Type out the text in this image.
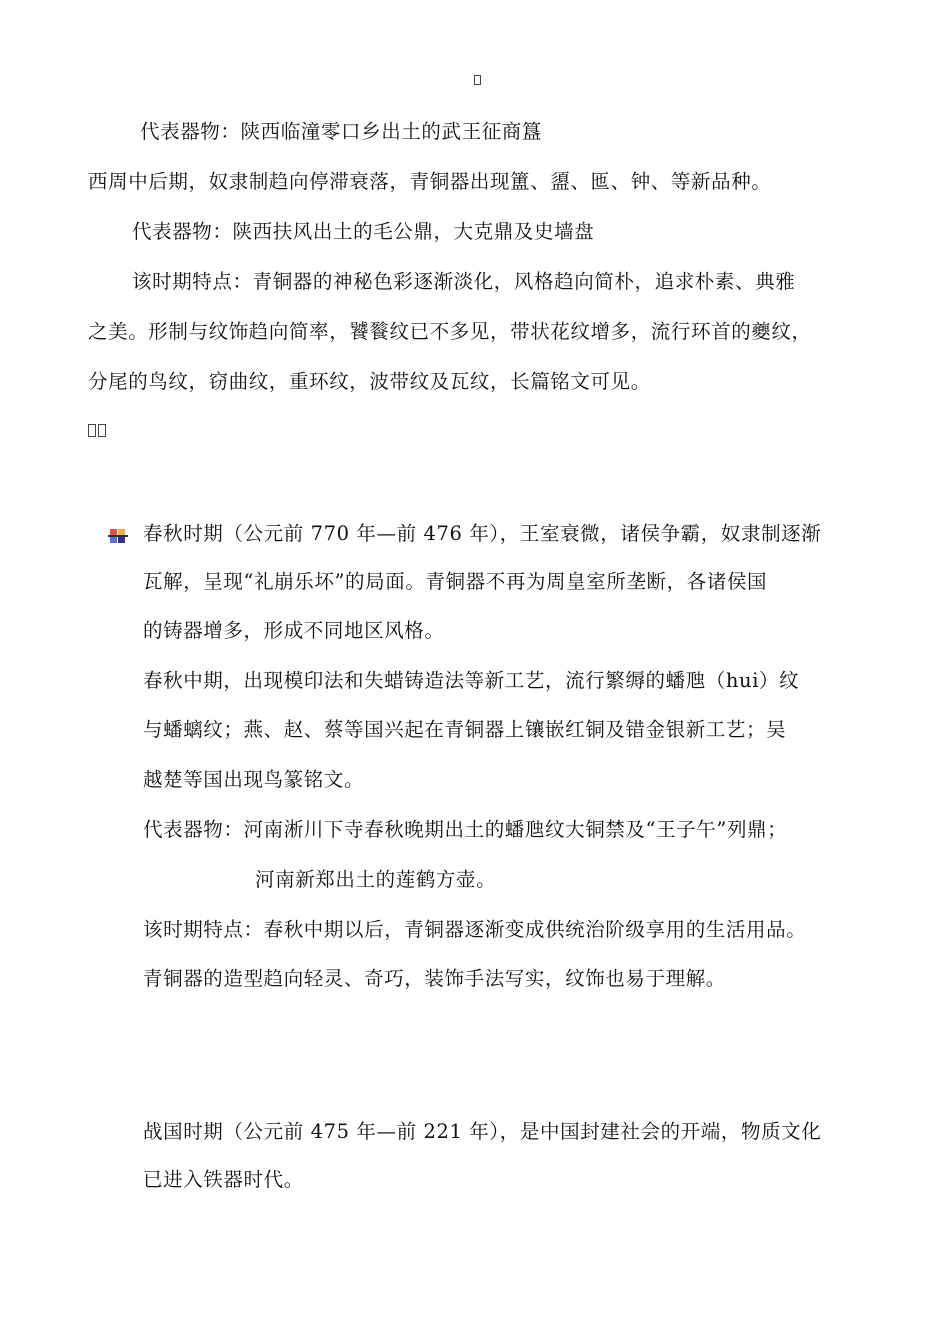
代表器物：陕西临潼零口乡出土的武王征商簋
西周中后期，奴隶制趋向停滞衰落，青铜器出现簠、盨、匜、钟、等新品种。
代表器物：陕西扶风出土的毛公鼎，大克鼎及史墙盘
该时期特点：青铜器的神秘色彩逐渐淡化，风格趋向简朴，追求朴素、典雅
之美。形制与纹饰趋向简率，饕餮纹已不多见，带状花纹增多，流行环首的夔纹，
分尾的鸟纹，窃曲纹，重环纹，波带纹及瓦纹，长篇铭文可见。
春秋时期（公元前 770 年—前 476 年），王室衰微，诸侯争霸，奴隶制逐渐
瓦解，呈现“礼崩乐坏”的局面。青铜器不再为周皇室所垄断，各诸侯国
的铸器增多，形成不同地区风格。
春秋中期，出现模印法和失蜡铸造法等新工艺，流行繁缛的蟠虺（hui）纹
与蟠螭纹；燕、赵、蔡等国兴起在青铜器上镶嵌红铜及错金银新工艺；吴
越楚等国出现鸟篆铭文。
代表器物：河南淅川下寺春秋晚期出土的蟠虺纹大铜禁及“王子午”列鼎；
河南新郑出土的莲鹤方壶。
该时期特点：春秋中期以后，青铜器逐渐变成供统治阶级享用的生活用品。
青铜器的造型趋向轻灵、奇巧，装饰手法写实，纹饰也易于理解。
战国时期（公元前 475 年—前 221 年），是中国封建社会的开端，物质文化
已进入铁器时代。
